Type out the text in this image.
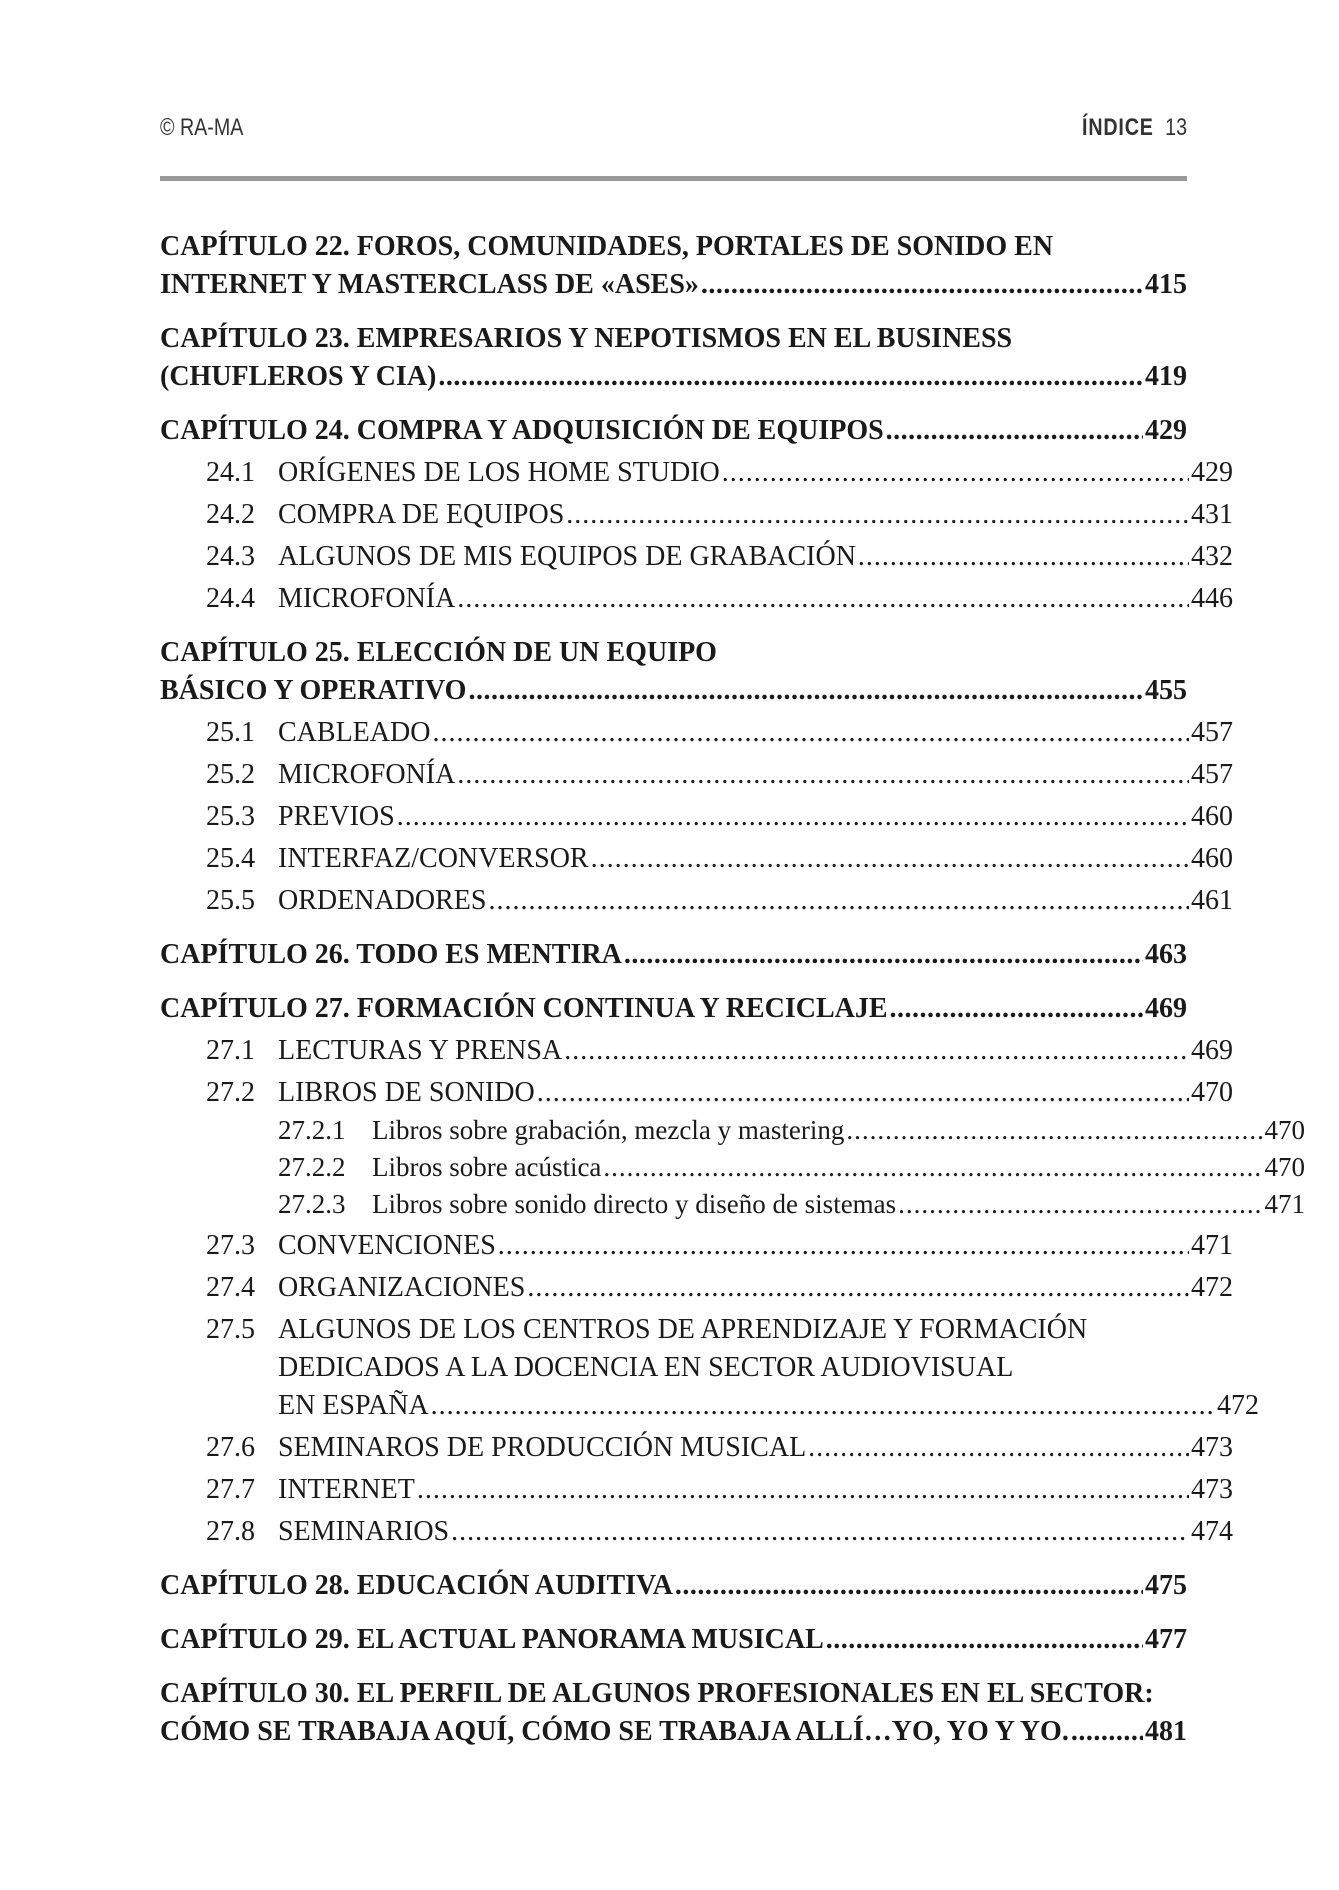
© RA-MA	ÍNDICE 13
CAPÍTULO 22. FOROS, COMUNIDADES, PORTALES DE SONIDO EN
INTERNET Y MASTERCLASS DE «ASES» .....	415
CAPÍTULO 23. EMPRESARIOS Y NEPOTISMOS EN EL BUSINESS
(CHUFLEROS Y CIA) .....	419
CAPÍTULO 24. COMPRA Y ADQUISICIÓN DE EQUIPOS .....	429
24.1 ORÍGENES DE LOS HOME STUDIO .....	429
24.2 COMPRA DE EQUIPOS .....	431
24.3 ALGUNOS DE MIS EQUIPOS DE GRABACIÓN .....	432
24.4 MICROFONÍA .....	446
CAPÍTULO 25. ELECCIÓN DE UN EQUIPO
BÁSICO Y OPERATIVO .....	455
25.1 CABLEADO .....	457
25.2 MICROFONÍA .....	457
25.3 PREVIOS .....	460
25.4 INTERFAZ/CONVERSOR .....	460
25.5 ORDENADORES .....	461
CAPÍTULO 26. TODO ES MENTIRA .....	463
CAPÍTULO 27. FORMACIÓN CONTINUA Y RECICLAJE .....	469
27.1 LECTURAS Y PRENSA .....	469
27.2 LIBROS DE SONIDO .....	470
27.2.1 Libros sobre grabación, mezcla y mastering .....	470
27.2.2 Libros sobre acústica .....	470
27.2.3 Libros sobre sonido directo y diseño de sistemas .....	471
27.3 CONVENCIONES .....	471
27.4 ORGANIZACIONES .....	472
27.5 ALGUNOS DE LOS CENTROS DE APRENDIZAJE Y FORMACIÓN
DEDICADOS A LA DOCENCIA EN SECTOR AUDIOVISUAL
EN ESPAÑA .....	472
27.6 SEMINAROS DE PRODUCCIÓN MUSICAL .....	473
27.7 INTERNET .....	473
27.8 SEMINARIOS .....	474
CAPÍTULO 28. EDUCACIÓN AUDITIVA .....	475
CAPÍTULO 29. EL ACTUAL PANORAMA MUSICAL .....	477
CAPÍTULO 30. EL PERFIL DE ALGUNOS PROFESIONALES EN EL SECTOR:
CÓMO SE TRABAJA AQUÍ, CÓMO SE TRABAJA ALLÍ…YO, YO Y YO. .....	481
